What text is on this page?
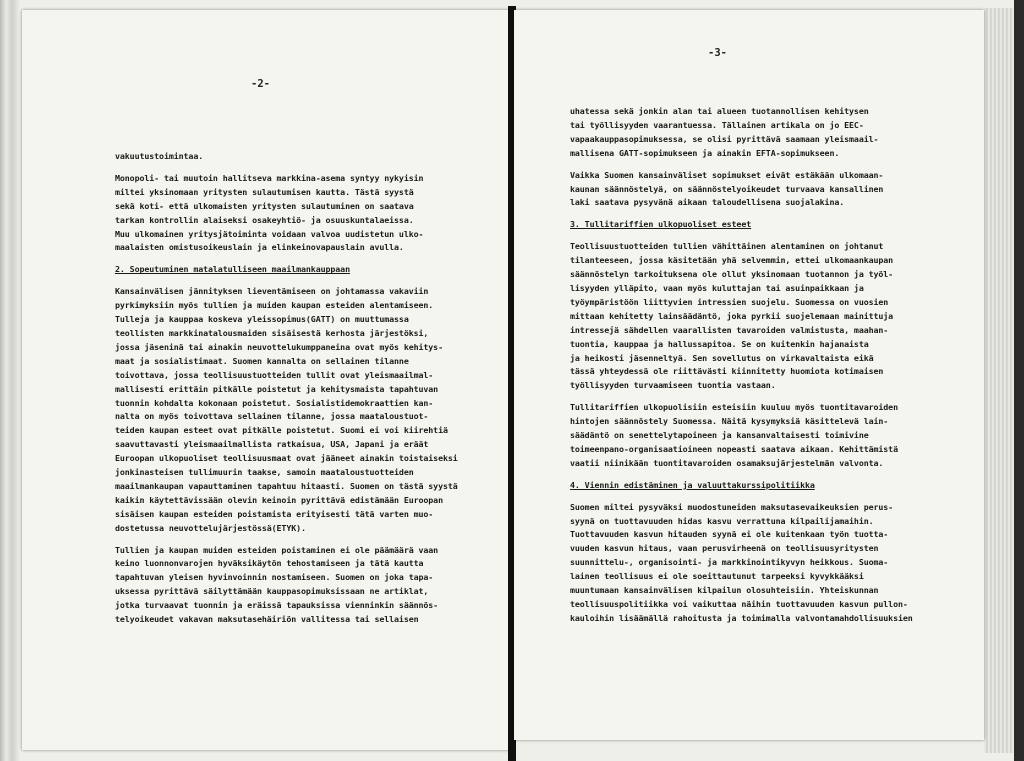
-2-
vakuutustoimintaa.
Monopoli- tai muutoin hallitseva markkina-asema syntyy nykyisin
miltei yksinomaan yritysten sulautumisen kautta. Tästä syystä
sekä koti- että ulkomaisten yritysten sulautuminen on saatava
tarkan kontrollin alaiseksi osakeyhtiö- ja osuuskuntalaeissa.
Muu ulkomainen yritysjätoiminta voidaan valvoa uudistetun ulko-
maalaisten omistusoikeuslain ja elinkeinovapauslain avulla.
2. Sopeutuminen matalatulliseen maailmankauppaan
Kansainvälisen jännityksen lieventämiseen on johtamassa vakaviin
pyrkimyksiin myös tullien ja muiden kaupan esteiden alentamiseen.
Tulleja ja kauppaa koskeva yleissopimus(GATT) on muuttumassa
teollisten markkinatalousmaiden sisäisestä kerhosta järjestöksi,
jossa jäseninä tai ainakin neuvottelukumppaneina ovat myös kehitys-
maat ja sosialistimaat. Suomen kannalta on sellainen tilanne
toivottava, jossa teollisuustuotteiden tullit ovat yleismaailmal-
mallisesti erittäin pitkälle poistetut ja kehitysmaista tapahtuvan
tuonnin kohdalta kokonaan poistetut. Sosialistidemokraattien kan-
nalta on myös toivottava sellainen tilanne, jossa maataloustuot-
teiden kaupan esteet ovat pitkälle poistetut. Suomi ei voi kiirehtiä
saavuttavasti yleismaailmallista ratkaisua, USA, Japani ja eräät
Euroopan ulkopuoliset teollisuusmaat ovat jääneet ainakin toistaiseksi
jonkinasteisen tullimuurin taakse, samoin maataloustuotteiden
maailmankaupan vapauttaminen tapahtuu hitaasti. Suomen on tästä syystä
kaikin käytettävissään olevin keinoin pyrittävä edistämään Euroopan
sisäisen kaupan esteiden poistamista erityisesti tätä varten muo-
dostetussa neuvottelujärjestössä(ETYK).
Tullien ja kaupan muiden esteiden poistaminen ei ole päämäärä vaan
keino luonnonvarojen hyväksikäytön tehostamiseen ja tätä kautta
tapahtuvan yleisen hyvinvoinnin nostamiseen. Suomen on joka tapa-
uksessa pyrittävä säilyttämään kauppasopimuksissaan ne artiklat,
jotka turvaavat tuonnin ja eräissä tapauksissa vienninkin säännös-
telyoikeudet vakavan maksutasehäiriön vallitessa tai sellaisen
-3-
uhatessa sekä jonkin alan tai alueen tuotannollisen kehitysen
tai työllisyyden vaarantuessa. Tällainen artikala on jo EEC-
vapaakauppasopimuksessa, se olisi pyrittävä saamaan yleismaail-
mallisena GATT-sopimukseen ja ainakin EFTA-sopimukseen.
Vaikka Suomen kansainväliset sopimukset eivät estäkään ulkomaan-
kaunan säännöstelyä, on säännöstelyoikeudet turvaava kansallinen
laki saatava pysyvänä aikaan taloudellisena suojalakina.
3. Tullitariffien ulkopuoliset esteet
Teollisuustuotteiden tullien vähittäinen alentaminen on johtanut
tilanteeseen, jossa käsitetään yhä selvemmin, ettei ulkomaankaupan
säännöstelyn tarkoituksena ole ollut yksinomaan tuotannon ja työl-
lisyyden ylläpito, vaan myös kuluttajan tai asuinpaikkaan ja
työympäristöön liittyvien intressien suojelu. Suomessa on vuosien
mittaan kehitetty lainsäädäntö, joka pyrkii suojelemaan mainittuja
intressejä sähdellen vaarallisten tavaroiden valmistusta, maahan-
tuontia, kauppaa ja hallussapitoa. Se on kuitenkin hajanaista
ja heikosti jäsenneltyä. Sen sovellutus on virkavaltaista eikä
tässä yhteydessä ole riittävästi kiinnitetty huomiota kotimaisen
työllisyyden turvaamiseen tuontia vastaan.
Tullitariffien ulkopuolisiin esteisiin kuuluu myös tuontitavaroiden
hintojen säännöstely Suomessa. Näitä kysymyksiä käsittelevä lain-
säädäntö on senettelytapoineen ja kansanvaltaisesti toimivine
toimeenpano-organisaatioineen nopeasti saatava aikaan. Kehittämistä
vaatii niinikään tuontitavaroiden osamaksujärjestelmän valvonta.
4. Viennin edistäminen ja valuuttakurssipolitiikka
Suomen miltei pysyväksi muodostuneiden maksutasevaikeuksien perus-
syynä on tuottavuuden hidas kasvu verrattuna kilpailijamaihin.
Tuottavuuden kasvun hitauden syynä ei ole kuitenkaan työn tuotta-
vuuden kasvun hitaus, vaan perusvirheenä on teollisuusyritysten
suunnittelu-, organisointi- ja markkinointikyvyn heikkous. Suoma-
lainen teollisuus ei ole soeittautunut tarpeeksi kyvykkääksi
muuntumaan kansainvälisen kilpailun olosuhteisiin. Yhteiskunnan
teollisuuspolitiikka voi vaikuttaa näihin tuottavuuden kasvun pullon-
kauloihin lisäämällä rahoitusta ja toimimalla valvontamahdollisuuksien
